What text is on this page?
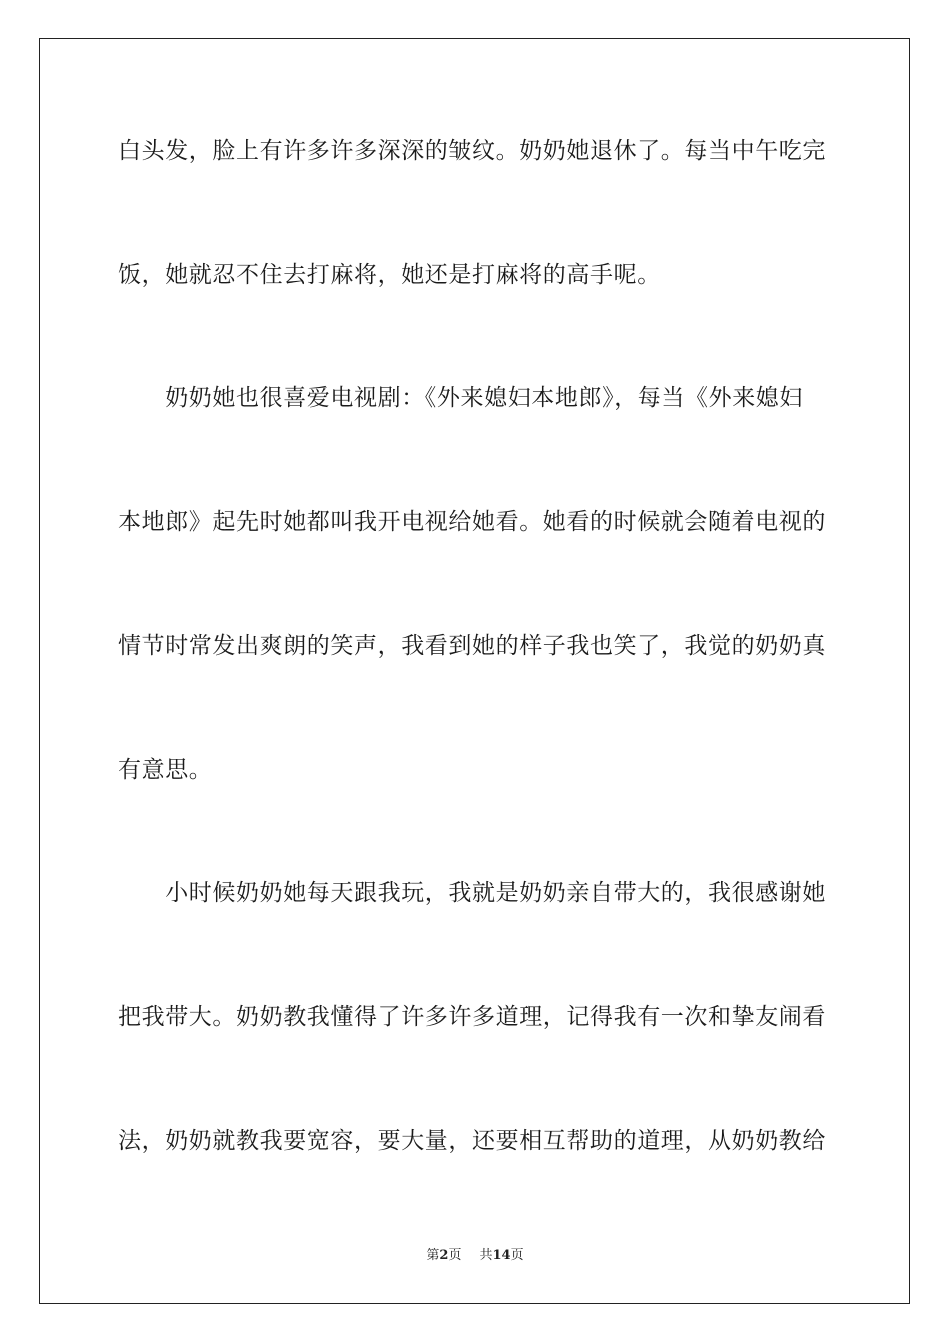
白头发，脸上有许多许多深深的皱纹。奶奶她退休了。每当中午吃完
饭，她就忍不住去打麻将，她还是打麻将的高手呢。
　　奶奶她也很喜爱电视剧：《外来媳妇本地郎》，每当《外来媳妇
本地郎》起先时她都叫我开电视给她看。她看的时候就会随着电视的
情节时常发出爽朗的笑声，我看到她的样子我也笑了，我觉的奶奶真
有意思。
　　小时候奶奶她每天跟我玩，我就是奶奶亲自带大的，我很感谢她
把我带大。奶奶教我懂得了许多许多道理，记得我有一次和挚友闹看
法，奶奶就教我要宽容，要大量，还要相互帮助的道理，从奶奶教给
第2页 共14页
